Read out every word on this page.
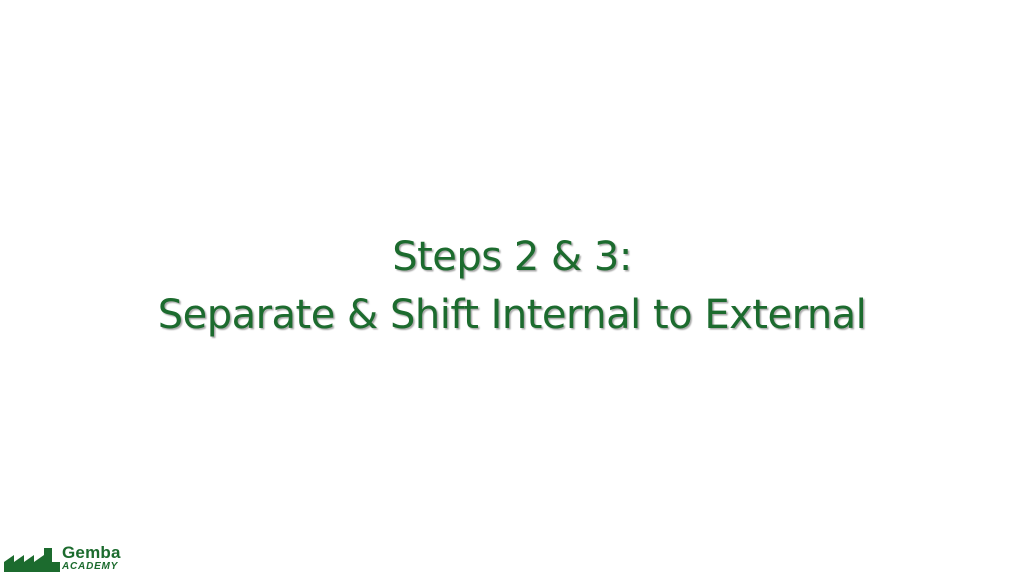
Steps 2 & 3:
Separate & Shift Internal to External
Gemba
ACADEMY
